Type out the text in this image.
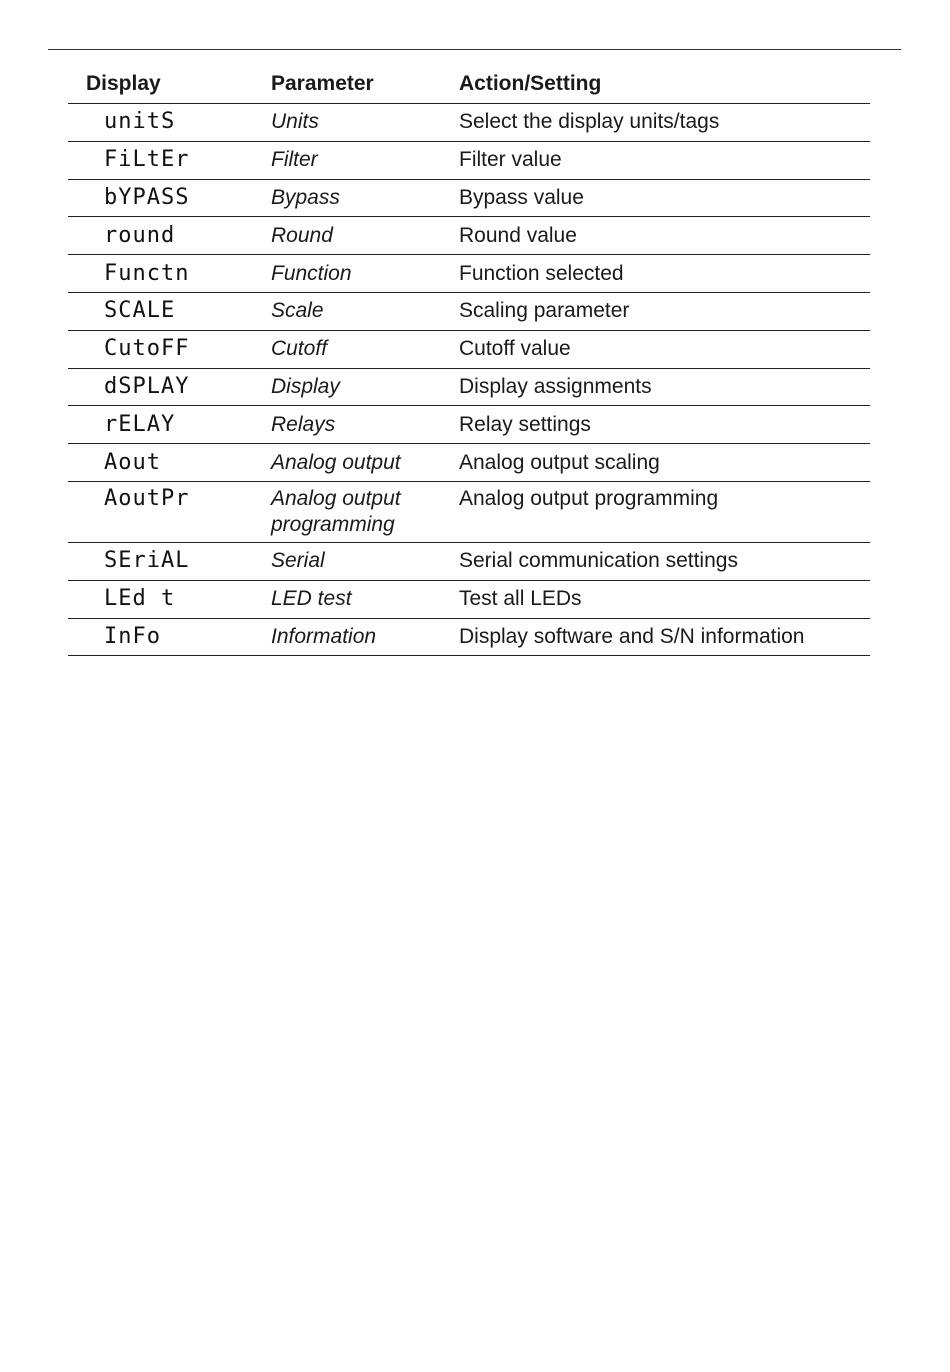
Display	Parameter	Action/Setting
unitS	Units	Select the display units/tags
FiLtEr	Filter	Filter value
bYPASS	Bypass	Bypass value
round	Round	Round value
Functn	Function	Function selected
SCALE	Scale	Scaling parameter
CutoFF	Cutoff	Cutoff value
dSPLAY	Display	Display assignments
rELAY	Relays	Relay settings
Aout	Analog output	Analog output scaling
AoutPr	Analog output programming	Analog output programming
SEriAL	Serial	Serial communication settings
LEd t	LED test	Test all LEDs
InFo	Information	Display software and S/N information
